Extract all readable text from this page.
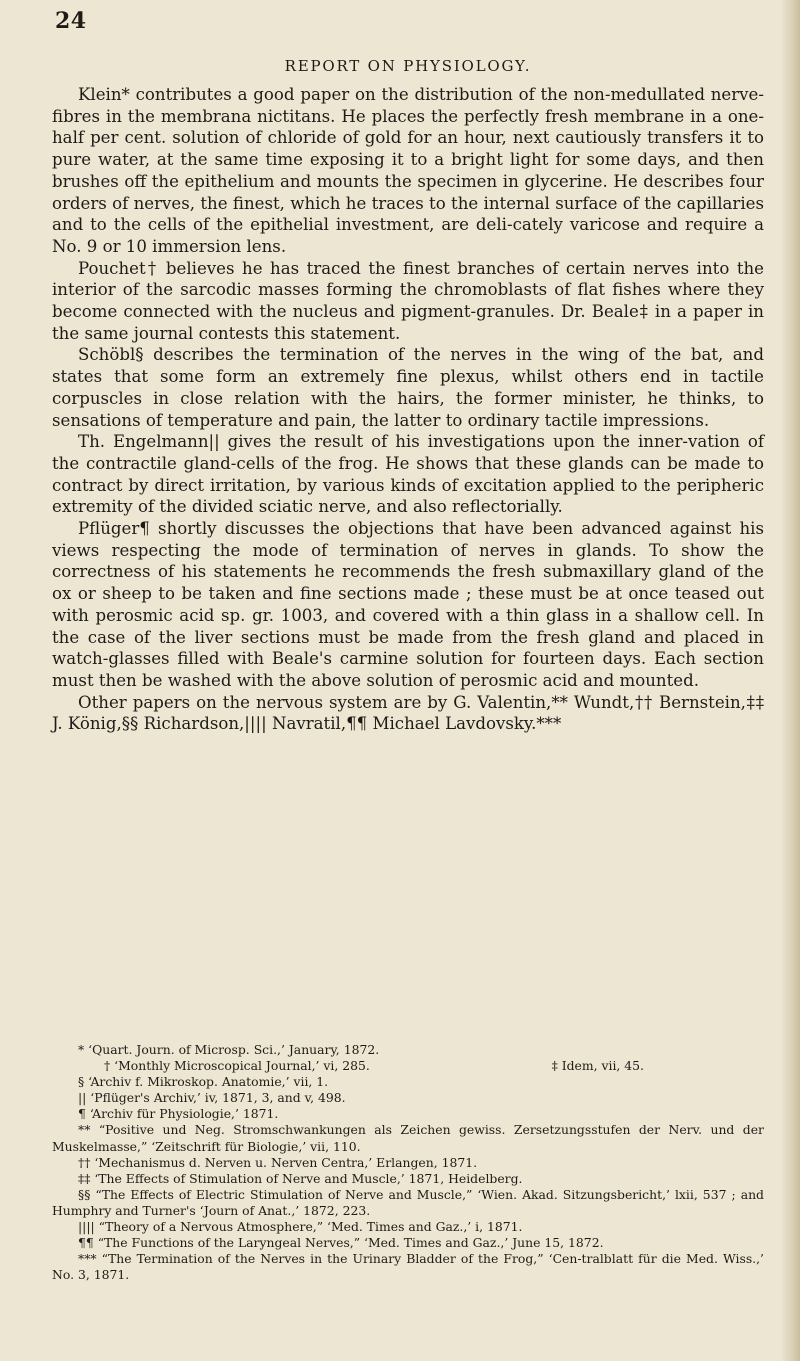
24
REPORT ON PHYSIOLOGY.

Klein* contributes a good paper on the distribution of the non-medullated nerve-fibres in the membrana nictitans. He places the perfectly fresh membrane in a one-half per cent. solution of chloride of gold for an hour, next cautiously transfers it to pure water, at the same time exposing it to a bright light for some days, and then brushes off the epithelium and mounts the specimen in glycerine. He describes four orders of nerves, the finest, which he traces to the internal surface of the capillaries and to the cells of the epithelial investment, are deli-cately varicose and require a No. 9 or 10 immersion lens.

Pouchet† believes he has traced the finest branches of certain nerves into the interior of the sarcodic masses forming the chromoblasts of flat fishes where they become connected with the nucleus and pigment-granules. Dr. Beale‡ in a paper in the same journal contests this statement.

Schöbl§ describes the termination of the nerves in the wing of the bat, and states that some form an extremely fine plexus, whilst others end in tactile corpuscles in close relation with the hairs, the former minister, he thinks, to sensations of temperature and pain, the latter to ordinary tactile impressions.

Th. Engelmann|| gives the result of his investigations upon the inner-vation of the contractile gland-cells of the frog. He shows that these glands can be made to contract by direct irritation, by various kinds of excitation applied to the peripheric extremity of the divided sciatic nerve, and also reflectorially.

Pflüger¶ shortly discusses the objections that have been advanced against his views respecting the mode of termination of nerves in glands. To show the correctness of his statements he recommends the fresh submaxillary gland of the ox or sheep to be taken and fine sections made ; these must be at once teased out with perosmic acid sp. gr. 1003, and covered with a thin glass in a shallow cell. In the case of the liver sections must be made from the fresh gland and placed in watch-glasses filled with Beale's carmine solution for fourteen days. Each section must then be washed with the above solution of perosmic acid and mounted.

Other papers on the nervous system are by G. Valentin,** Wundt,†† Bernstein,‡‡ J. König,§§ Richardson,|||| Navratil,¶¶ Michael Lavdovsky.***

* ‘Quart. Journ. of Microsp. Sci.,’ January, 1872.

† ‘Monthly Microscopical Journal,’ vi, 285.	‡ Idem, vii, 45.

§ ‘Archiv f. Mikroskop. Anatomie,’ vii, 1.

|| ‘Pflüger's Archiv,’ iv, 1871, 3, and v, 498.

¶ ‘Archiv für Physiologie,’ 1871.

** “Positive und Neg. Stromschwankungen als Zeichen gewiss. Zersetzungsstufen der Nerv. und der Muskelmasse,” ‘Zeitschrift für Biologie,’ vii, 110.

†† ‘Mechanismus d. Nerven u. Nerven Centra,’ Erlangen, 1871.

‡‡ ‘The Effects of Stimulation of Nerve and Muscle,’ 1871, Heidelberg.

§§ “The Effects of Electric Stimulation of Nerve and Muscle,” ‘Wien. Akad. Sitzungsbericht,’ lxii, 537 ; and Humphry and Turner's ‘Journ of Anat.,’ 1872, 223.

|||| “Theory of a Nervous Atmosphere,” ‘Med. Times and Gaz.,’ i, 1871.

¶¶ “The Functions of the Laryngeal Nerves,” ‘Med. Times and Gaz.,’ June 15, 1872.

*** “The Termination of the Nerves in the Urinary Bladder of the Frog,” ‘Cen-tralblatt für die Med. Wiss.,’ No. 3, 1871.
